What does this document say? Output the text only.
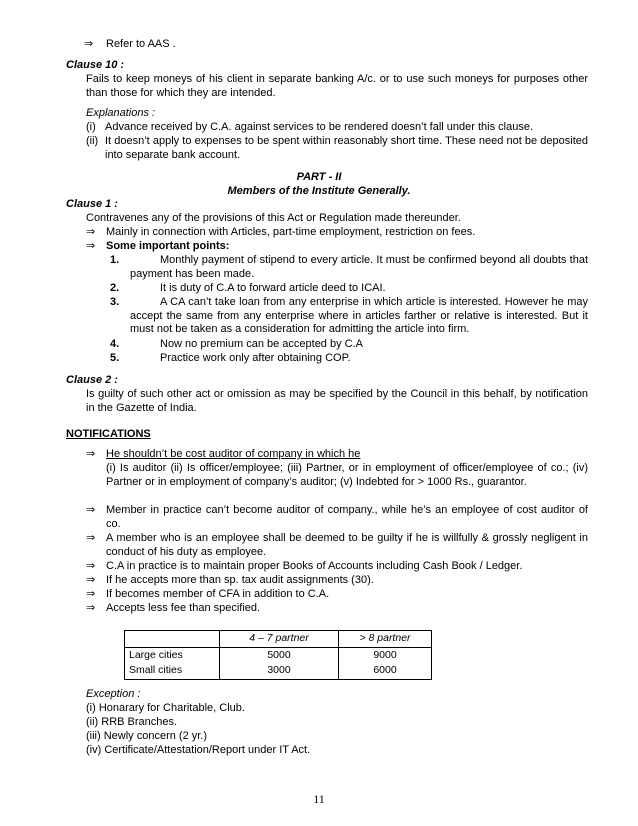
⇒	Refer to AAS .
Clause 10 :
Fails to keep moneys of his client in separate banking A/c. or to use such moneys for purposes other than those for which they are intended.
Explanations :
(i) Advance received by C.A. against services to be rendered doesn’t fall under this clause.
(ii) It doesn’t apply to expenses to be spent within reasonably short time. These need not be deposited into separate bank account.
PART - II
Members of the Institute Generally.
Clause 1 :
Contravenes any of the provisions of this Act or Regulation made thereunder.
⇒ Mainly in connection with Articles, part-time employment, restriction on fees.
⇒ Some important points:
1.	Monthly payment of stipend to every article. It must be confirmed beyond all doubts that payment has been made.
2.	It is duty of C.A to forward article deed to ICAI.
3.	A CA can’t take loan from any enterprise in which article is interested. However he may accept the same from any enterprise where in articles farther or relative is interested. But it must not be taken as a consideration for admitting the article into firm.
4.	Now no premium can be accepted by C.A
5.	Practice work only after obtaining COP.
Clause 2 :
Is guilty of such other act or omission as may be specified by the Council in this behalf, by notification in the Gazette of India.
NOTIFICATIONS
⇒ He shouldn’t be cost auditor of company in which he
(i) Is auditor (ii) Is officer/employee; (iii) Partner, or in employment of officer/employee of co.; (iv) Partner or in employment of company’s auditor; (v) Indebted for > 1000 Rs., guarantor.
⇒ Member in practice can’t become auditor of company., while he’s an employee of cost auditor of co.
⇒ A member who is an employee shall be deemed to be guilty if he is willfully & grossly negligent in conduct of his duty as employee.
⇒ C.A in practice is to maintain proper Books of Accounts including Cash Book / Ledger.
⇒ If he accepts more than sp. tax audit assignments (30).
⇒ If becomes member of CFA in addition to C.A.
⇒ Accepts less fee than specified.
	4 – 7 partner	> 8 partner
Large cities	5000	9000
Small cities	3000	6000
Exception :
(i) Honarary for Charitable, Club.
(ii) RRB Branches.
(iii) Newly concern (2 yr.)
(iv) Certificate/Attestation/Report under IT Act.
11
